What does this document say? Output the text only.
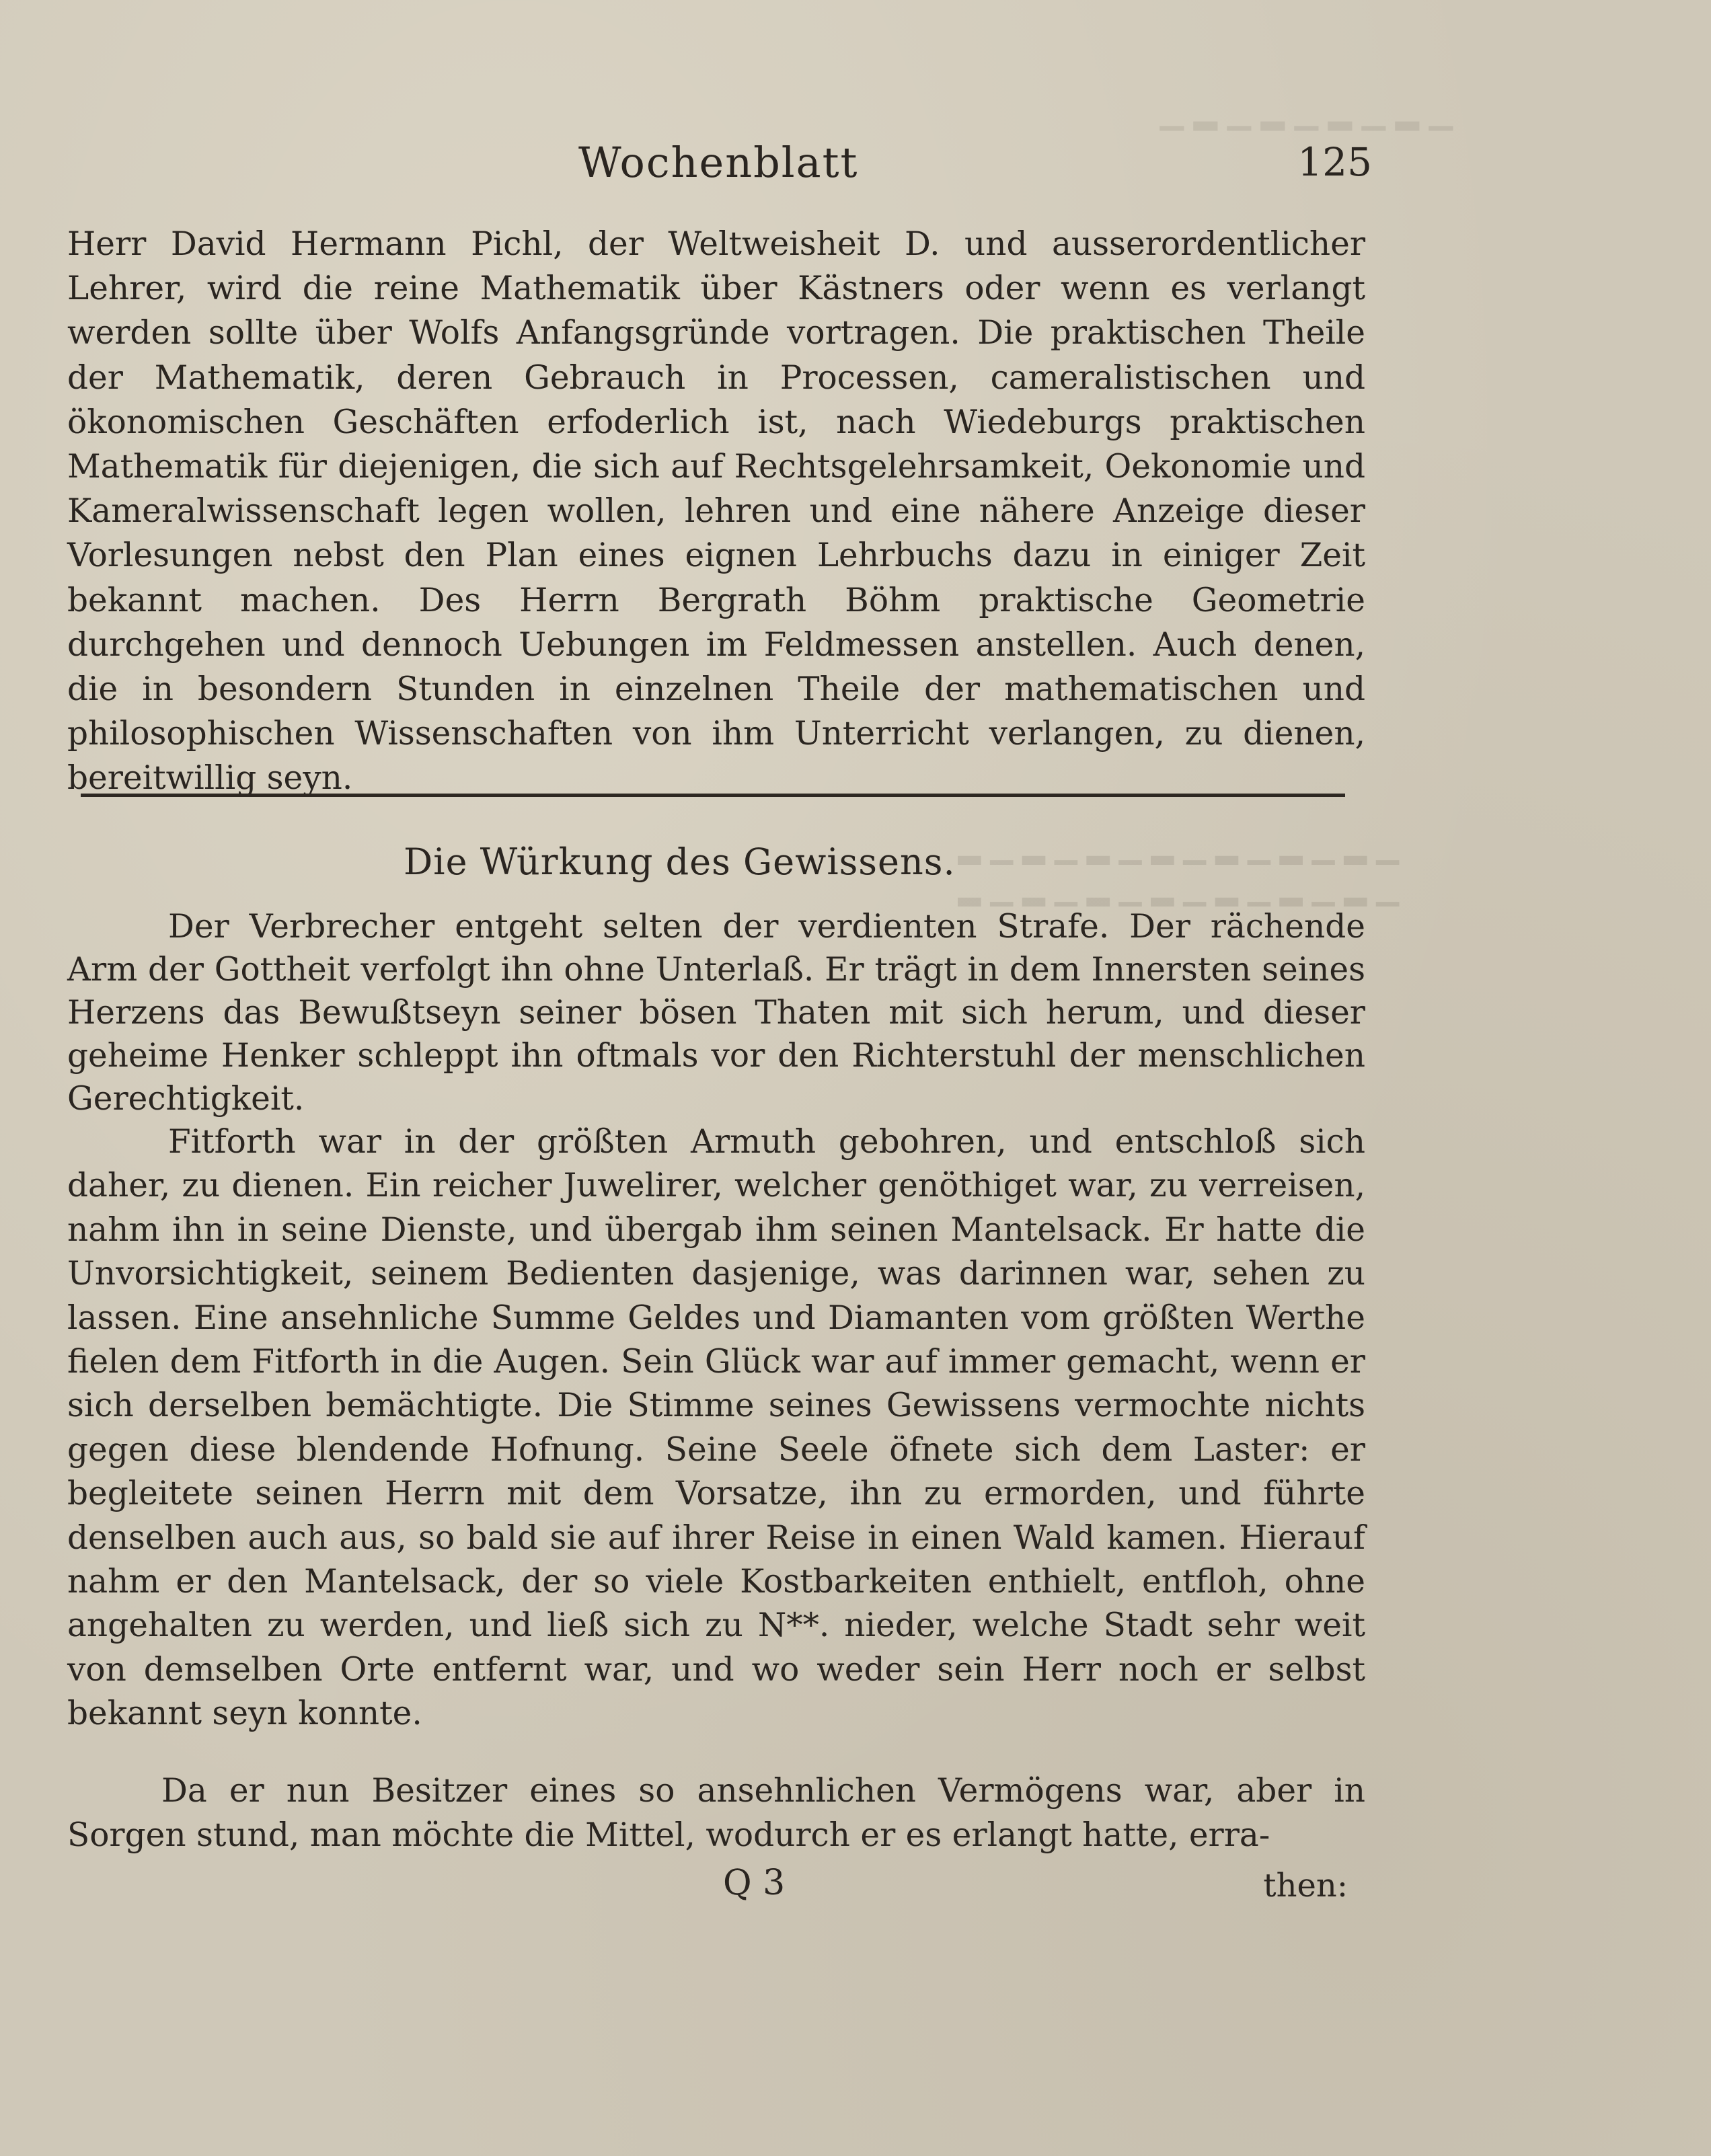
▁ ▂ ▁ ▂ ▁ ▂ ▁ ▂ ▁
▁ ▂ ▁ ▂ ▁ ▂ ▁ ▂ ▁ ▂ ▁ ▂ ▁ ▂
▁ ▂ ▁ ▂ ▁ ▂ ▁ ▂ ▁ ▂ ▁ ▂ ▁ ▂
Wochenblatt	125

Herr David Hermann Pichl, der Weltweisheit D. und ausserordentlicher Lehrer, wird die reine Mathematik über Kästners oder wenn es verlangt werden sollte über Wolfs Anfangsgründe vortragen. Die praktischen Theile der Mathematik, deren Gebrauch in Processen, cameralistischen und ökonomischen Geschäften erfoderlich ist, nach Wiedeburgs praktischen Mathematik für diejenigen, die sich auf Rechtsgelehrsamkeit, Oekonomie und Kameralwissenschaft legen wollen, lehren und eine nähere Anzeige dieser Vorlesungen nebst den Plan eines eignen Lehrbuchs dazu in einiger Zeit bekannt machen. Des Herrn Bergrath Böhm praktische Geometrie durchgehen und dennoch Uebungen im Feldmessen anstellen. Auch denen, die in besondern Stunden in einzelnen Theile der mathematischen und philosophischen Wissenschaften von ihm Unterricht verlangen, zu dienen, bereitwillig seyn.

Die Würkung des Gewissens.

Der Verbrecher entgeht selten der verdienten Strafe. Der rächende Arm der Gottheit verfolgt ihn ohne Unterlaß. Er trägt in dem Innersten seines Herzens das Bewußtseyn seiner bösen Thaten mit sich herum, und dieser geheime Henker schleppt ihn oftmals vor den Richterstuhl der menschlichen Gerechtigkeit.

Fitforth war in der größten Armuth gebohren, und entschloß sich daher, zu dienen. Ein reicher Juwelirer, welcher genöthiget war, zu verreisen, nahm ihn in seine Dienste, und übergab ihm seinen Mantelsack. Er hatte die Unvorsichtigkeit, seinem Bedienten dasjenige, was darinnen war, sehen zu lassen. Eine ansehnliche Summe Geldes und Diamanten vom größten Werthe fielen dem Fitforth in die Augen. Sein Glück war auf immer gemacht, wenn er sich derselben bemächtigte. Die Stimme seines Gewissens vermochte nichts gegen diese blendende Hofnung. Seine Seele öfnete sich dem Laster: er begleitete seinen Herrn mit dem Vorsatze, ihn zu ermorden, und führte denselben auch aus, so bald sie auf ihrer Reise in einen Wald kamen. Hierauf nahm er den Mantelsack, der so viele Kostbarkeiten enthielt, entfloh, ohne angehalten zu werden, und ließ sich zu N**. nieder, welche Stadt sehr weit von demselben Orte entfernt war, und wo weder sein Herr noch er selbst bekannt seyn konnte.

Da er nun Besitzer eines so ansehnlichen Vermögens war, aber in Sorgen stund, man möchte die Mittel, wodurch er es erlangt hatte, erra-

Q 3	then:
